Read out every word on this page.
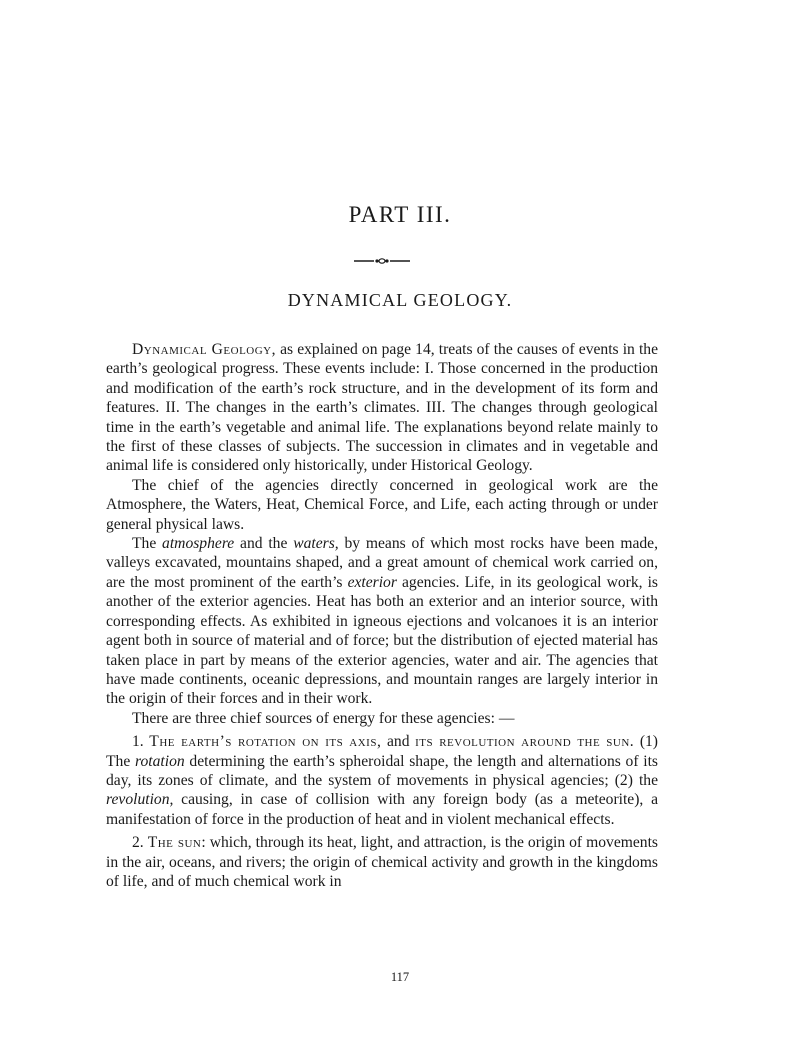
PART III.
DYNAMICAL GEOLOGY.

Dynamical Geology, as explained on page 14, treats of the causes of events in the earth’s geological progress. These events include: I. Those concerned in the production and modification of the earth’s rock structure, and in the development of its form and features. II. The changes in the earth’s climates. III. The changes through geological time in the earth’s vegetable and animal life. The explanations beyond relate mainly to the first of these classes of subjects. The succession in climates and in vegetable and animal life is considered only historically, under Historical Geology.

The chief of the agencies directly concerned in geological work are the Atmosphere, the Waters, Heat, Chemical Force, and Life, each acting through or under general physical laws.

The atmosphere and the waters, by means of which most rocks have been made, valleys excavated, mountains shaped, and a great amount of chemical work carried on, are the most prominent of the earth’s exterior agencies. Life, in its geological work, is another of the exterior agencies. Heat has both an exterior and an interior source, with corresponding effects. As exhibited in igneous ejections and volcanoes it is an interior agent both in source of material and of force; but the distribution of ejected material has taken place in part by means of the exterior agencies, water and air. The agencies that have made continents, oceanic depressions, and mountain ranges are largely interior in the origin of their forces and in their work.

There are three chief sources of energy for these agencies: —

1. The earth’s rotation on its axis, and its revolution around the sun. (1) The rotation determining the earth’s spheroidal shape, the length and alternations of its day, its zones of climate, and the system of movements in physical agencies; (2) the revolution, causing, in case of collision with any foreign body (as a meteorite), a manifestation of force in the production of heat and in violent mechanical effects.

2. The sun: which, through its heat, light, and attraction, is the origin of movements in the air, oceans, and rivers; the origin of chemical activity and growth in the kingdoms of life, and of much chemical work in

117
